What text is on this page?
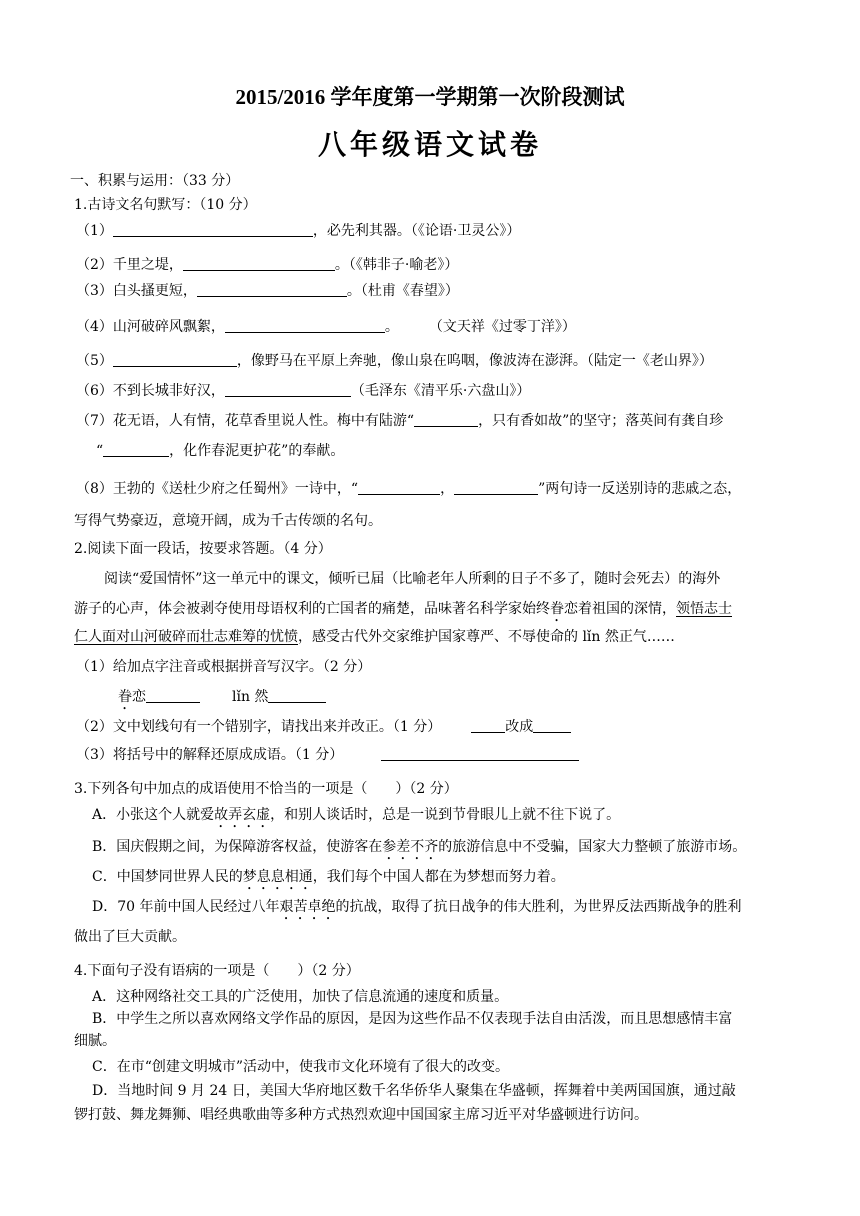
2015/2016 学年度第一学期第一次阶段测试
八年级语文试卷
一、积累与运用：（33 分）
1.古诗文名句默写：（10 分）
（1）	，必先利其器。（《论语·卫灵公》）
（2）千里之堤，	。（《韩非子·喻老》）
（3）白头搔更短，	。（杜甫《春望》）
（4）山河破碎风飘絮，	。 （文天祥《过零丁洋》）
（5）	，像野马在平原上奔驰，像山泉在呜咽，像波涛在澎湃。（陆定一《老山界》）
（6）不到长城非好汉，	（毛泽东《清平乐·六盘山》）
（7）花无语，人有情，花草香里说人性。梅中有陆游“	，只有香如故”的坚守；落英间有龚自珍
“	，化作春泥更护花”的奉献。
（8）王勃的《送杜少府之任蜀州》一诗中，“	，	”两句诗一反送别诗的悲戚之态，
写得气势豪迈，意境开阔，成为千古传颂的名句。
2.阅读下面一段话，按要求答题。（4 分）
阅读“爱国情怀”这一单元中的课文，倾听已届（比喻老年人所剩的日子不多了，随时会死去）的海外
游子的心声，体会被剥夺使用母语权利的亡国者的痛楚，品味著名科学家始终眷恋着祖国的深情，领悟志士
仁人面对山河破碎而壮志难筹的忧愤，感受古代外交家维护国家尊严、不辱使命的 lǐn 然正气……
（1）给加点字注音或根据拼音写汉字。（2 分）
眷恋	lǐn 然
（2）文中划线句有一个错别字，请找出来并改正。（1 分）	改成
（3）将括号中的解释还原成成语。（1 分）
3.下列各句中加点的成语使用不恰当的一项是（　　）（2 分）
A．小张这个人就爱故弄玄虚，和别人谈话时，总是一说到节骨眼儿上就不往下说了。
B．国庆假期之间，为保障游客权益，使游客在参差不齐的旅游信息中不受骗，国家大力整顿了旅游市场。
C．中国梦同世界人民的梦息息相通，我们每个中国人都在为梦想而努力着。
D．70 年前中国人民经过八年艰苦卓绝的抗战，取得了抗日战争的伟大胜利，为世界反法西斯战争的胜利
做出了巨大贡献。
4.下面句子没有语病的一项是（　　）（2 分）
A．这种网络社交工具的广泛使用，加快了信息流通的速度和质量。
B．中学生之所以喜欢网络文学作品的原因，是因为这些作品不仅表现手法自由活泼，而且思想感情丰富
细腻。
C．在市“创建文明城市”活动中，使我市文化环境有了很大的改变。
D．当地时间 9 月 24 日，美国大华府地区数千名华侨华人聚集在华盛顿，挥舞着中美两国国旗，通过敲
锣打鼓、舞龙舞狮、唱经典歌曲等多种方式热烈欢迎中国国家主席习近平对华盛顿进行访问。
